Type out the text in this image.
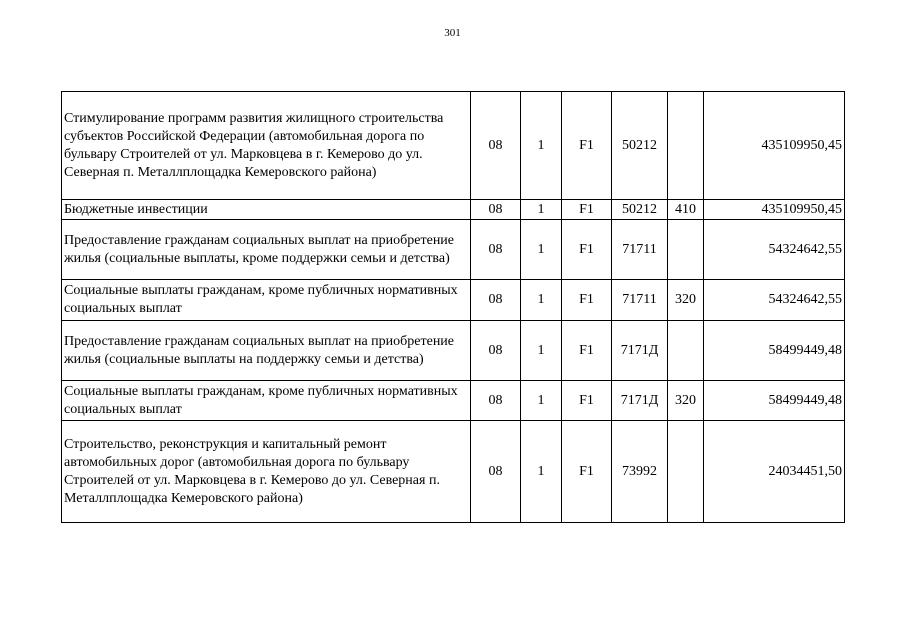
301
Стимулирование программ развития жилищного строительства субъектов Российской Федерации (автомобильная дорога по бульвару Строителей от ул. Марковцева в г. Кемерово до ул. Северная п. Металлплощадка Кемеровского района)	08	1	F1	50212		435109950,45
Бюджетные инвестиции	08	1	F1	50212	410	435109950,45
Предоставление гражданам социальных выплат на приобретение жилья (социальные выплаты, кроме поддержки семьи и детства)	08	1	F1	71711		54324642,55
Социальные выплаты гражданам, кроме публичных нормативных социальных выплат	08	1	F1	71711	320	54324642,55
Предоставление гражданам социальных выплат на приобретение жилья (социальные выплаты на поддержку семьи и детства)	08	1	F1	7171Д		58499449,48
Социальные выплаты гражданам, кроме публичных нормативных социальных выплат	08	1	F1	7171Д	320	58499449,48
Строительство, реконструкция и капитальный ремонт автомобильных дорог (автомобильная дорога по бульвару Строителей от ул. Марковцева в г. Кемерово до ул. Северная п. Металлплощадка Кемеровского района)	08	1	F1	73992		24034451,50
